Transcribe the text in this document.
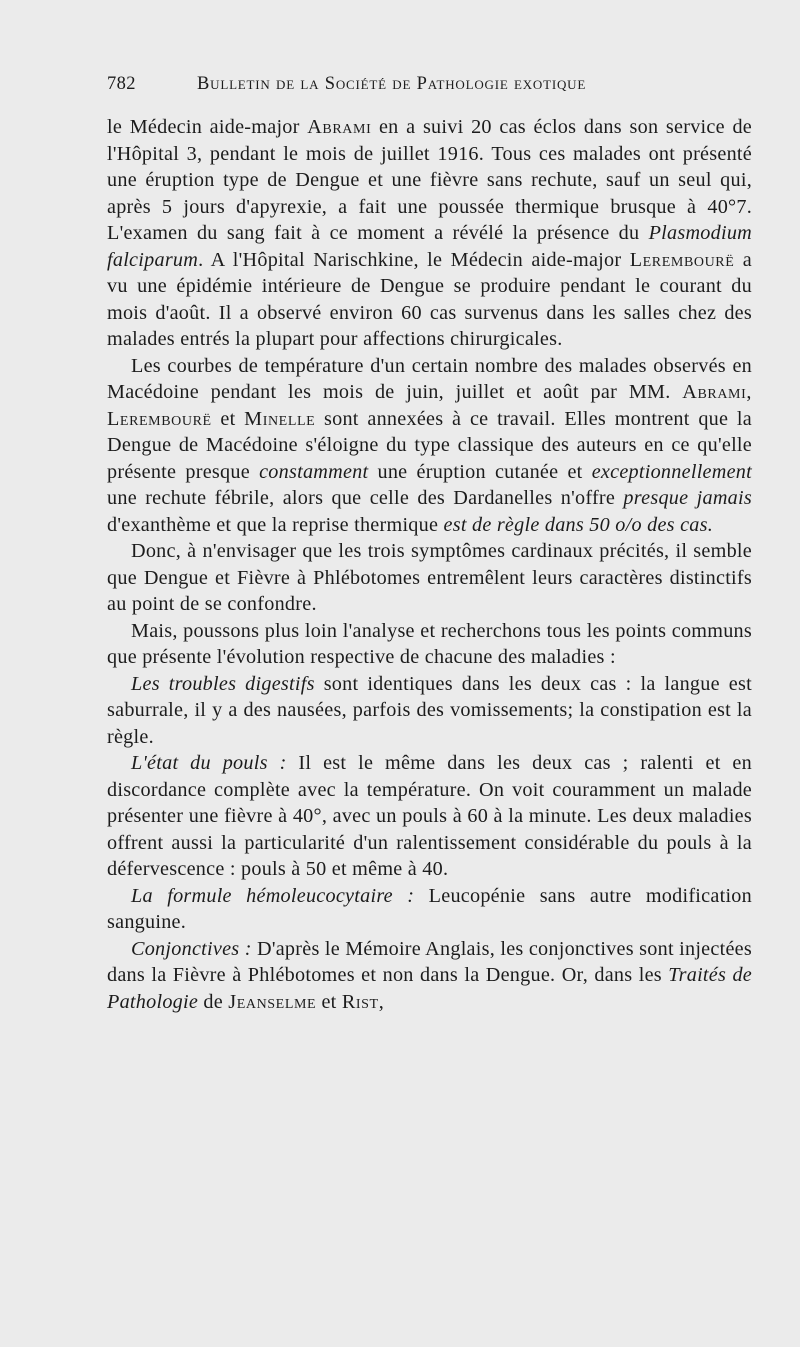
782	Bulletin de la Société de Pathologie exotique

le Médecin aide-major Abrami en a suivi 20 cas éclos dans son service de l'Hôpital 3, pendant le mois de juillet 1916. Tous ces malades ont présenté une éruption type de Dengue et une fièvre sans rechute, sauf un seul qui, après 5 jours d'apyrexie, a fait une poussée thermique brusque à 40°7. L'examen du sang fait à ce moment a révélé la présence du Plasmodium falciparum. A l'Hôpital Narischkine, le Médecin aide-major Lerembourë a vu une épidémie intérieure de Dengue se produire pendant le courant du mois d'août. Il a observé environ 60 cas survenus dans les salles chez des malades entrés la plupart pour affections chirurgicales.

Les courbes de température d'un certain nombre des malades observés en Macédoine pendant les mois de juin, juillet et août par MM. Abrami, Lerembourë et Minelle sont annexées à ce travail. Elles montrent que la Dengue de Macédoine s'éloigne du type classique des auteurs en ce qu'elle présente presque constamment une éruption cutanée et exceptionnellement une rechute fébrile, alors que celle des Dardanelles n'offre presque jamais d'exanthème et que la reprise thermique est de règle dans 50 o/o des cas.

Donc, à n'envisager que les trois symptômes cardinaux précités, il semble que Dengue et Fièvre à Phlébotomes entremêlent leurs caractères distinctifs au point de se confondre.

Mais, poussons plus loin l'analyse et recherchons tous les points communs que présente l'évolution respective de chacune des maladies :

Les troubles digestifs sont identiques dans les deux cas : la langue est saburrale, il y a des nausées, parfois des vomissements; la constipation est la règle.

L'état du pouls : Il est le même dans les deux cas ; ralenti et en discordance complète avec la température. On voit couramment un malade présenter une fièvre à 40°, avec un pouls à 60 à la minute. Les deux maladies offrent aussi la particularité d'un ralentissement considérable du pouls à la défervescence : pouls à 50 et même à 40.

La formule hémoleucocytaire : Leucopénie sans autre modification sanguine.

Conjonctives : D'après le Mémoire Anglais, les conjonctives sont injectées dans la Fièvre à Phlébotomes et non dans la Dengue. Or, dans les Traités de Pathologie de Jeanselme et Rist,
